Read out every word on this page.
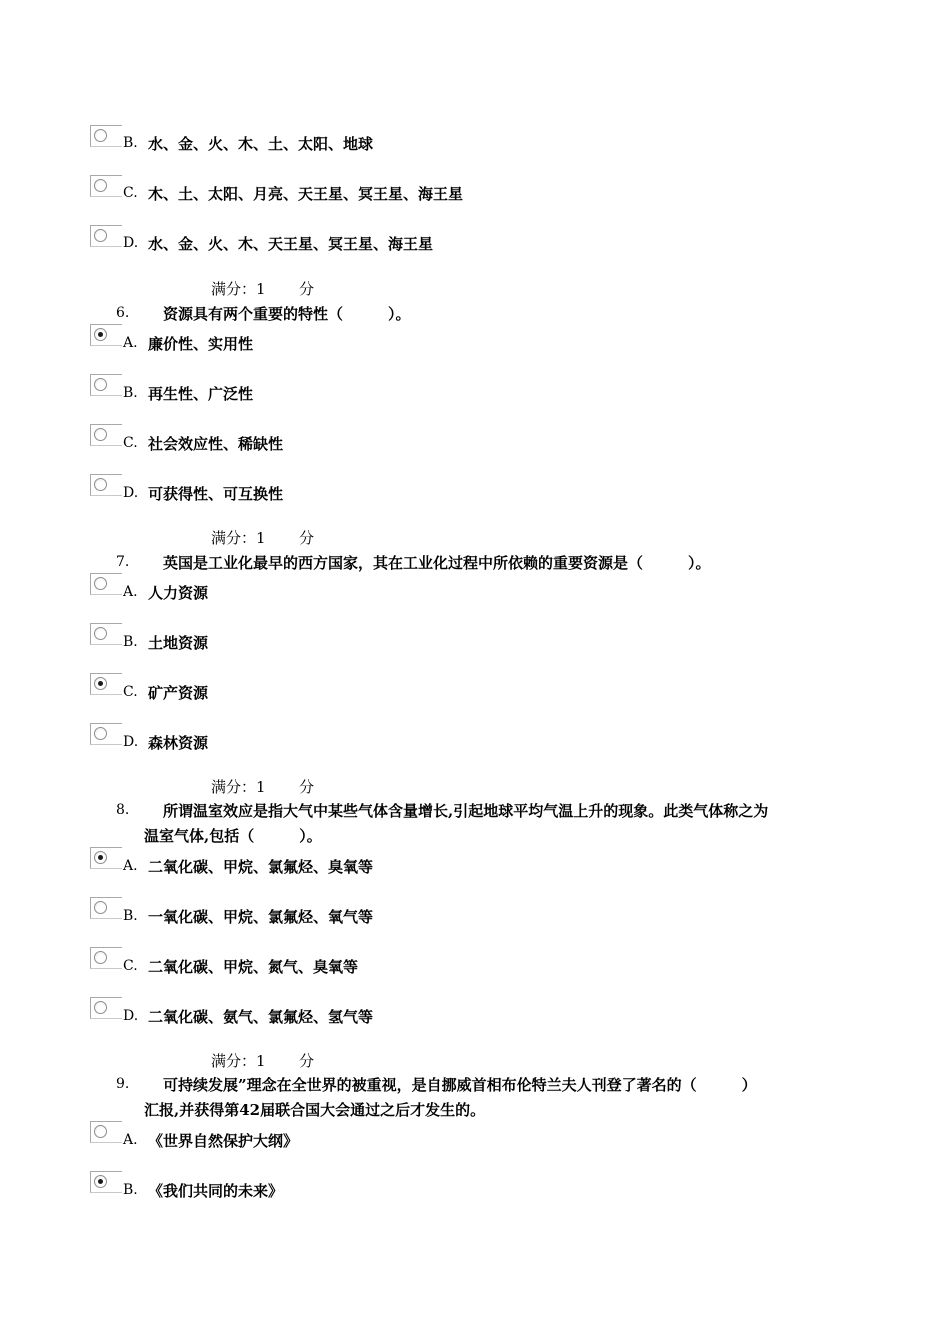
B. 水、金、火、木、土、太阳、地球
C. 木、土、太阳、月亮、天王星、冥王星、海王星
D. 水、金、火、木、天王星、冥王星、海王星
满分：1 分
6. 资源具有两个重要的特性（　　　）。
A. 廉价性、实用性
B. 再生性、广泛性
C. 社会效应性、稀缺性
D. 可获得性、可互换性
满分：1 分
7. 英国是工业化最早的西方国家，其在工业化过程中所依赖的重要资源是（　　　）。
A. 人力资源
B. 土地资源
C. 矿产资源
D. 森林资源
满分：1 分
8. 所谓温室效应是指大气中某些气体含量增长,引起地球平均气温上升的现象。此类气体称之为
温室气体,包括（　　　）。
A. 二氧化碳、甲烷、氯氟烃、臭氧等
B. 一氧化碳、甲烷、氯氟烃、氧气等
C. 二氧化碳、甲烷、氮气、臭氧等
D. 二氧化碳、氨气、氯氟烃、氢气等
满分：1 分
9. 可持续发展”理念在全世界的被重视，是自挪威首相布伦特兰夫人刊登了著名的（　　　）
汇报,并获得第42届联合国大会通过之后才发生的。
A. 《世界自然保护大纲》
B. 《我们共同的未来》
